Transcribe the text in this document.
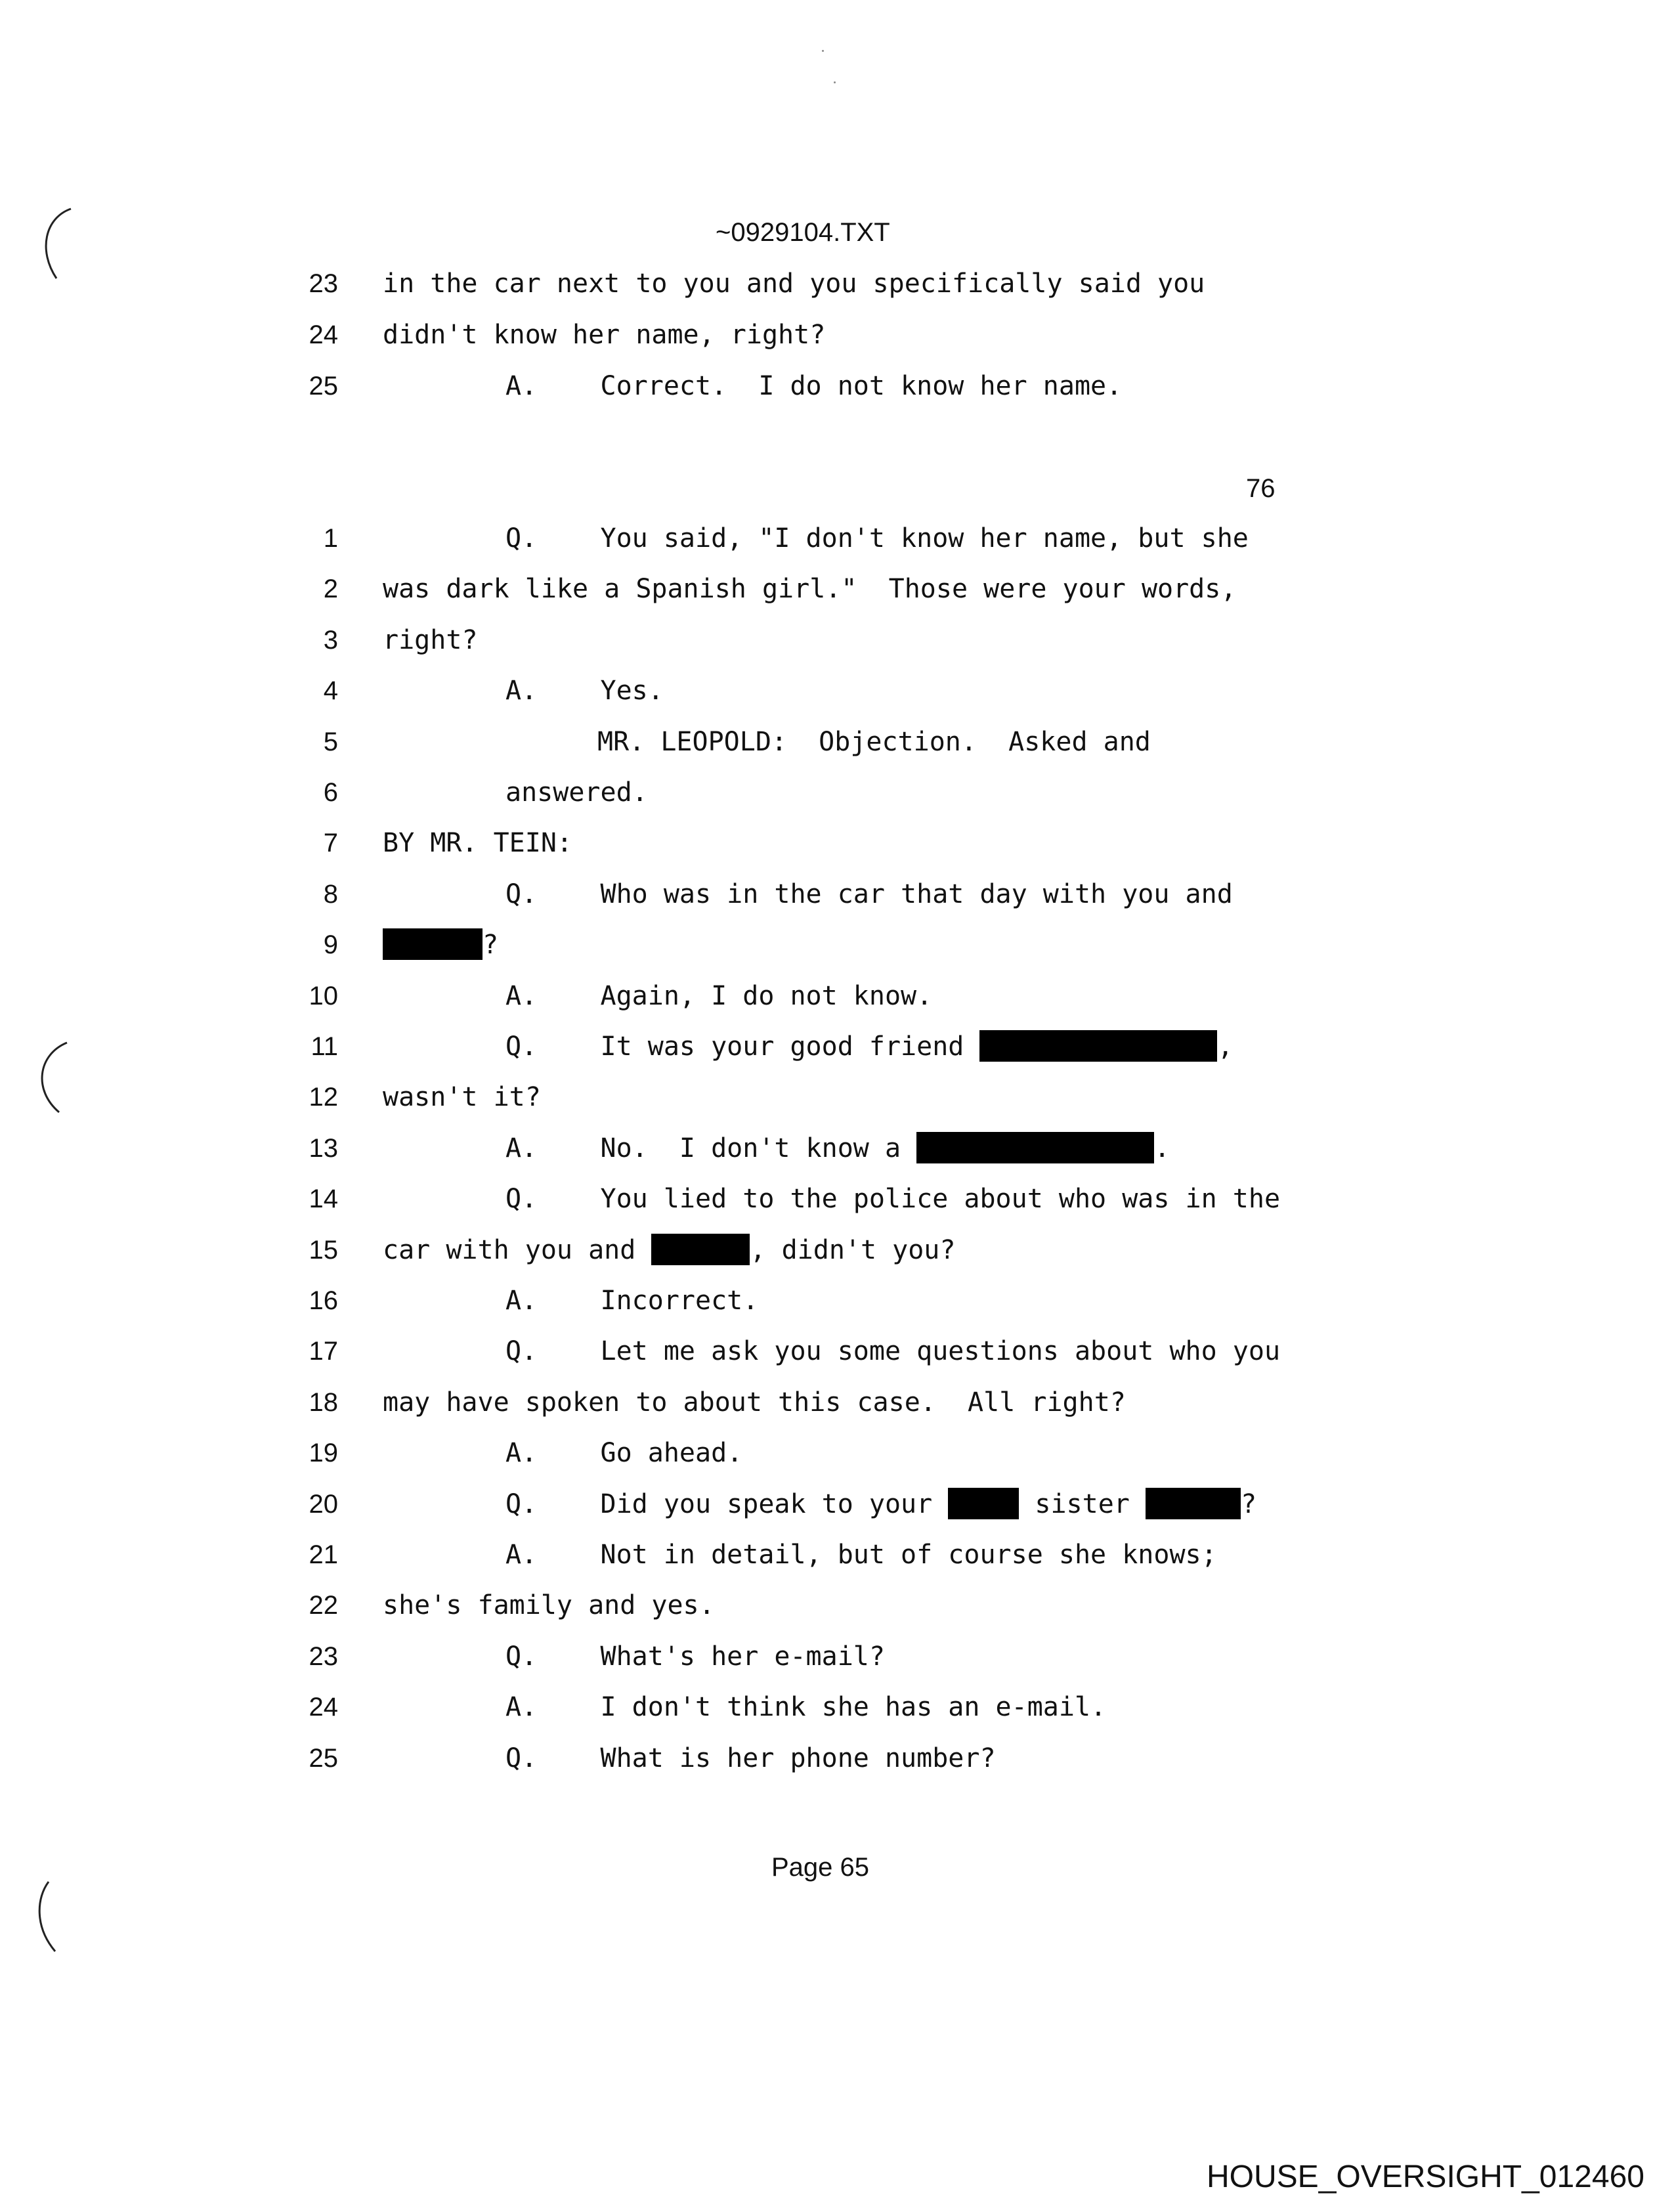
~0929104.TXT
23 in the car next to you and you specifically said you
24 didn't know her name, right?
25	A.    Correct.  I do not know her name.
76
1	Q.    You said, "I don't know her name, but she
2 was dark like a Spanish girl."  Those were your words,
3 right?
4	A.    Yes.
5	MR. LEOPOLD:  Objection.  Asked and
6	answered.
7 BY MR. TEIN:
8	Q.    Who was in the car that day with you and
9	?
10	A.    Again, I do not know.
11	Q.    It was your good friend	,
12 wasn't it?
13	A.    No.  I don't know a	.
14	Q.    You lied to the police about who was in the
15 car with you and	, didn't you?
16	A.    Incorrect.
17	Q.    Let me ask you some questions about who you
18 may have spoken to about this case.  All right?
19	A.    Go ahead.
20	Q.    Did you speak to your	sister	?
21	A.    Not in detail, but of course she knows;
22 she's family and yes.
23	Q.    What's her e-mail?
24	A.    I don't think she has an e-mail.
25	Q.    What is her phone number?
Page 65
HOUSE_OVERSIGHT_012460
